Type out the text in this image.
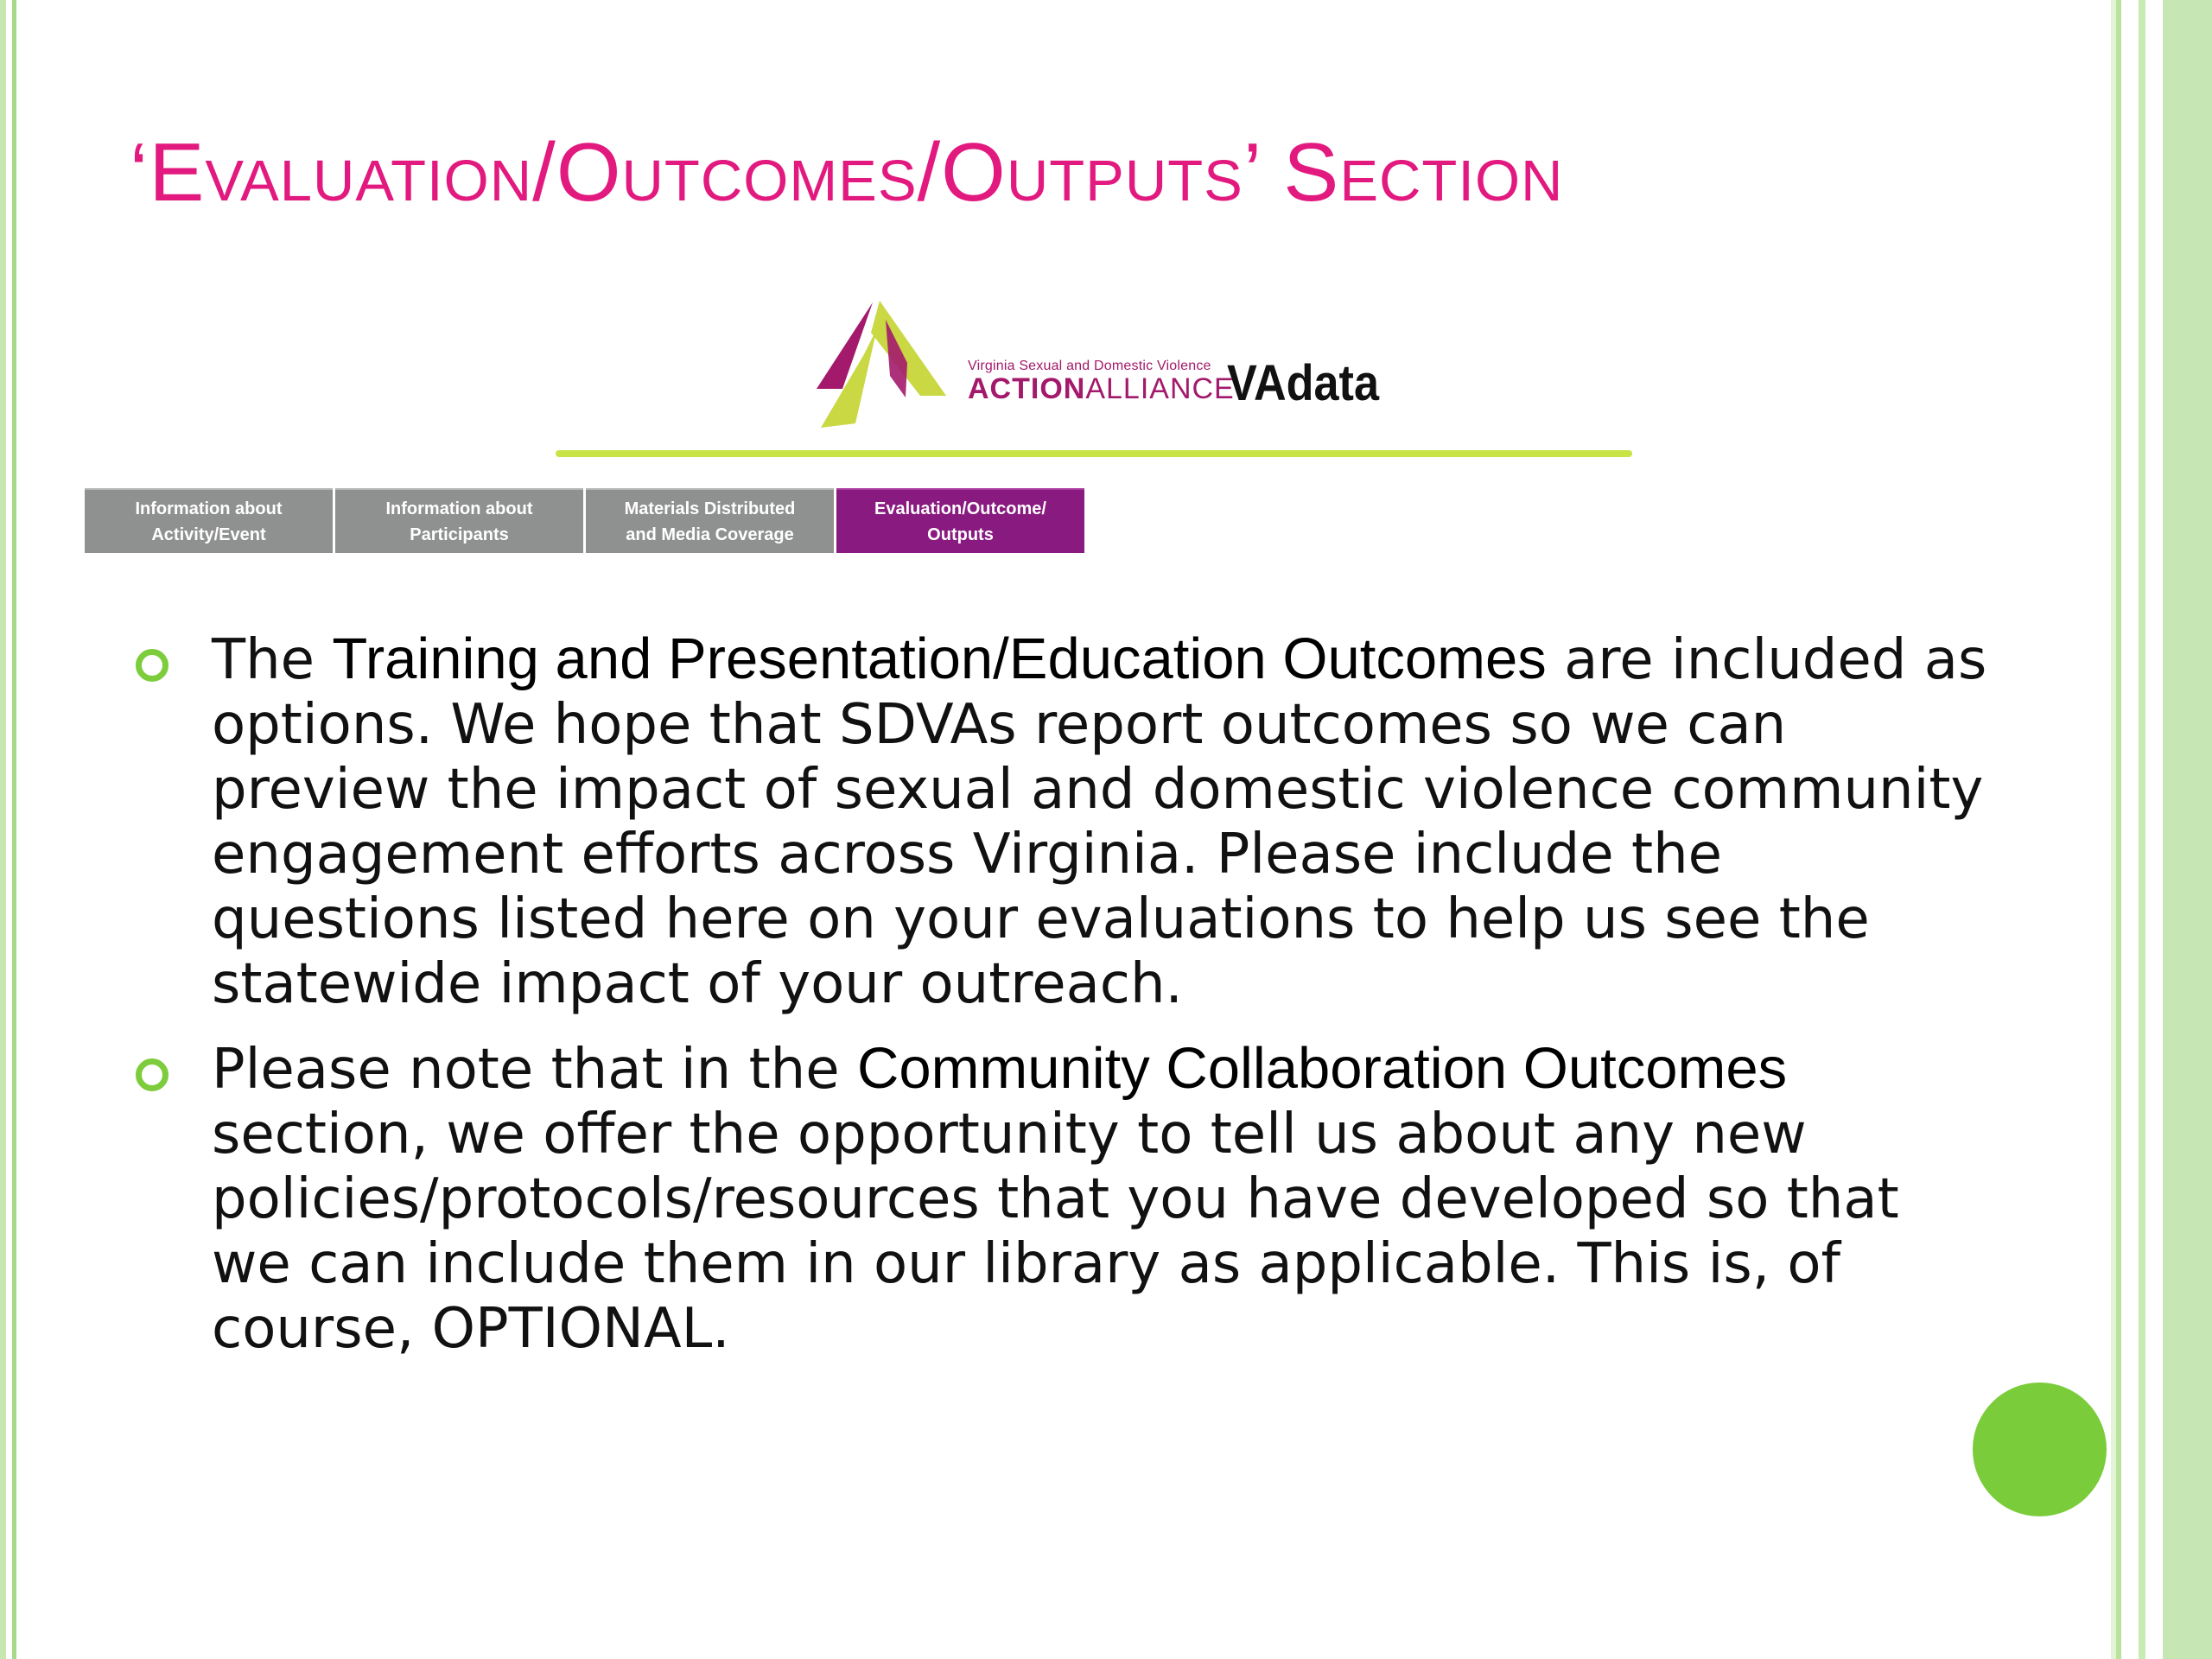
‘Evaluation/Outcomes/Outputs’ Section
Virginia Sexual and Domestic Violence
ACTIONALLIANCE
VAdata
Information about
Activity/Event
Information about
Participants
Materials Distributed
and Media Coverage
Evaluation/Outcome/
Outputs
The Training and Presentation/Education Outcomes are included as options. We hope that SDVAs report outcomes so we can preview the impact of sexual and domestic violence community engagement efforts across Virginia. Please include the questions listed here on your evaluations to help us see the statewide impact of your outreach.
Please note that in the Community Collaboration Outcomes section, we offer the opportunity to tell us about any new policies/protocols/resources that you have developed so that we can include them in our library as applicable. This is, of course, OPTIONAL.
